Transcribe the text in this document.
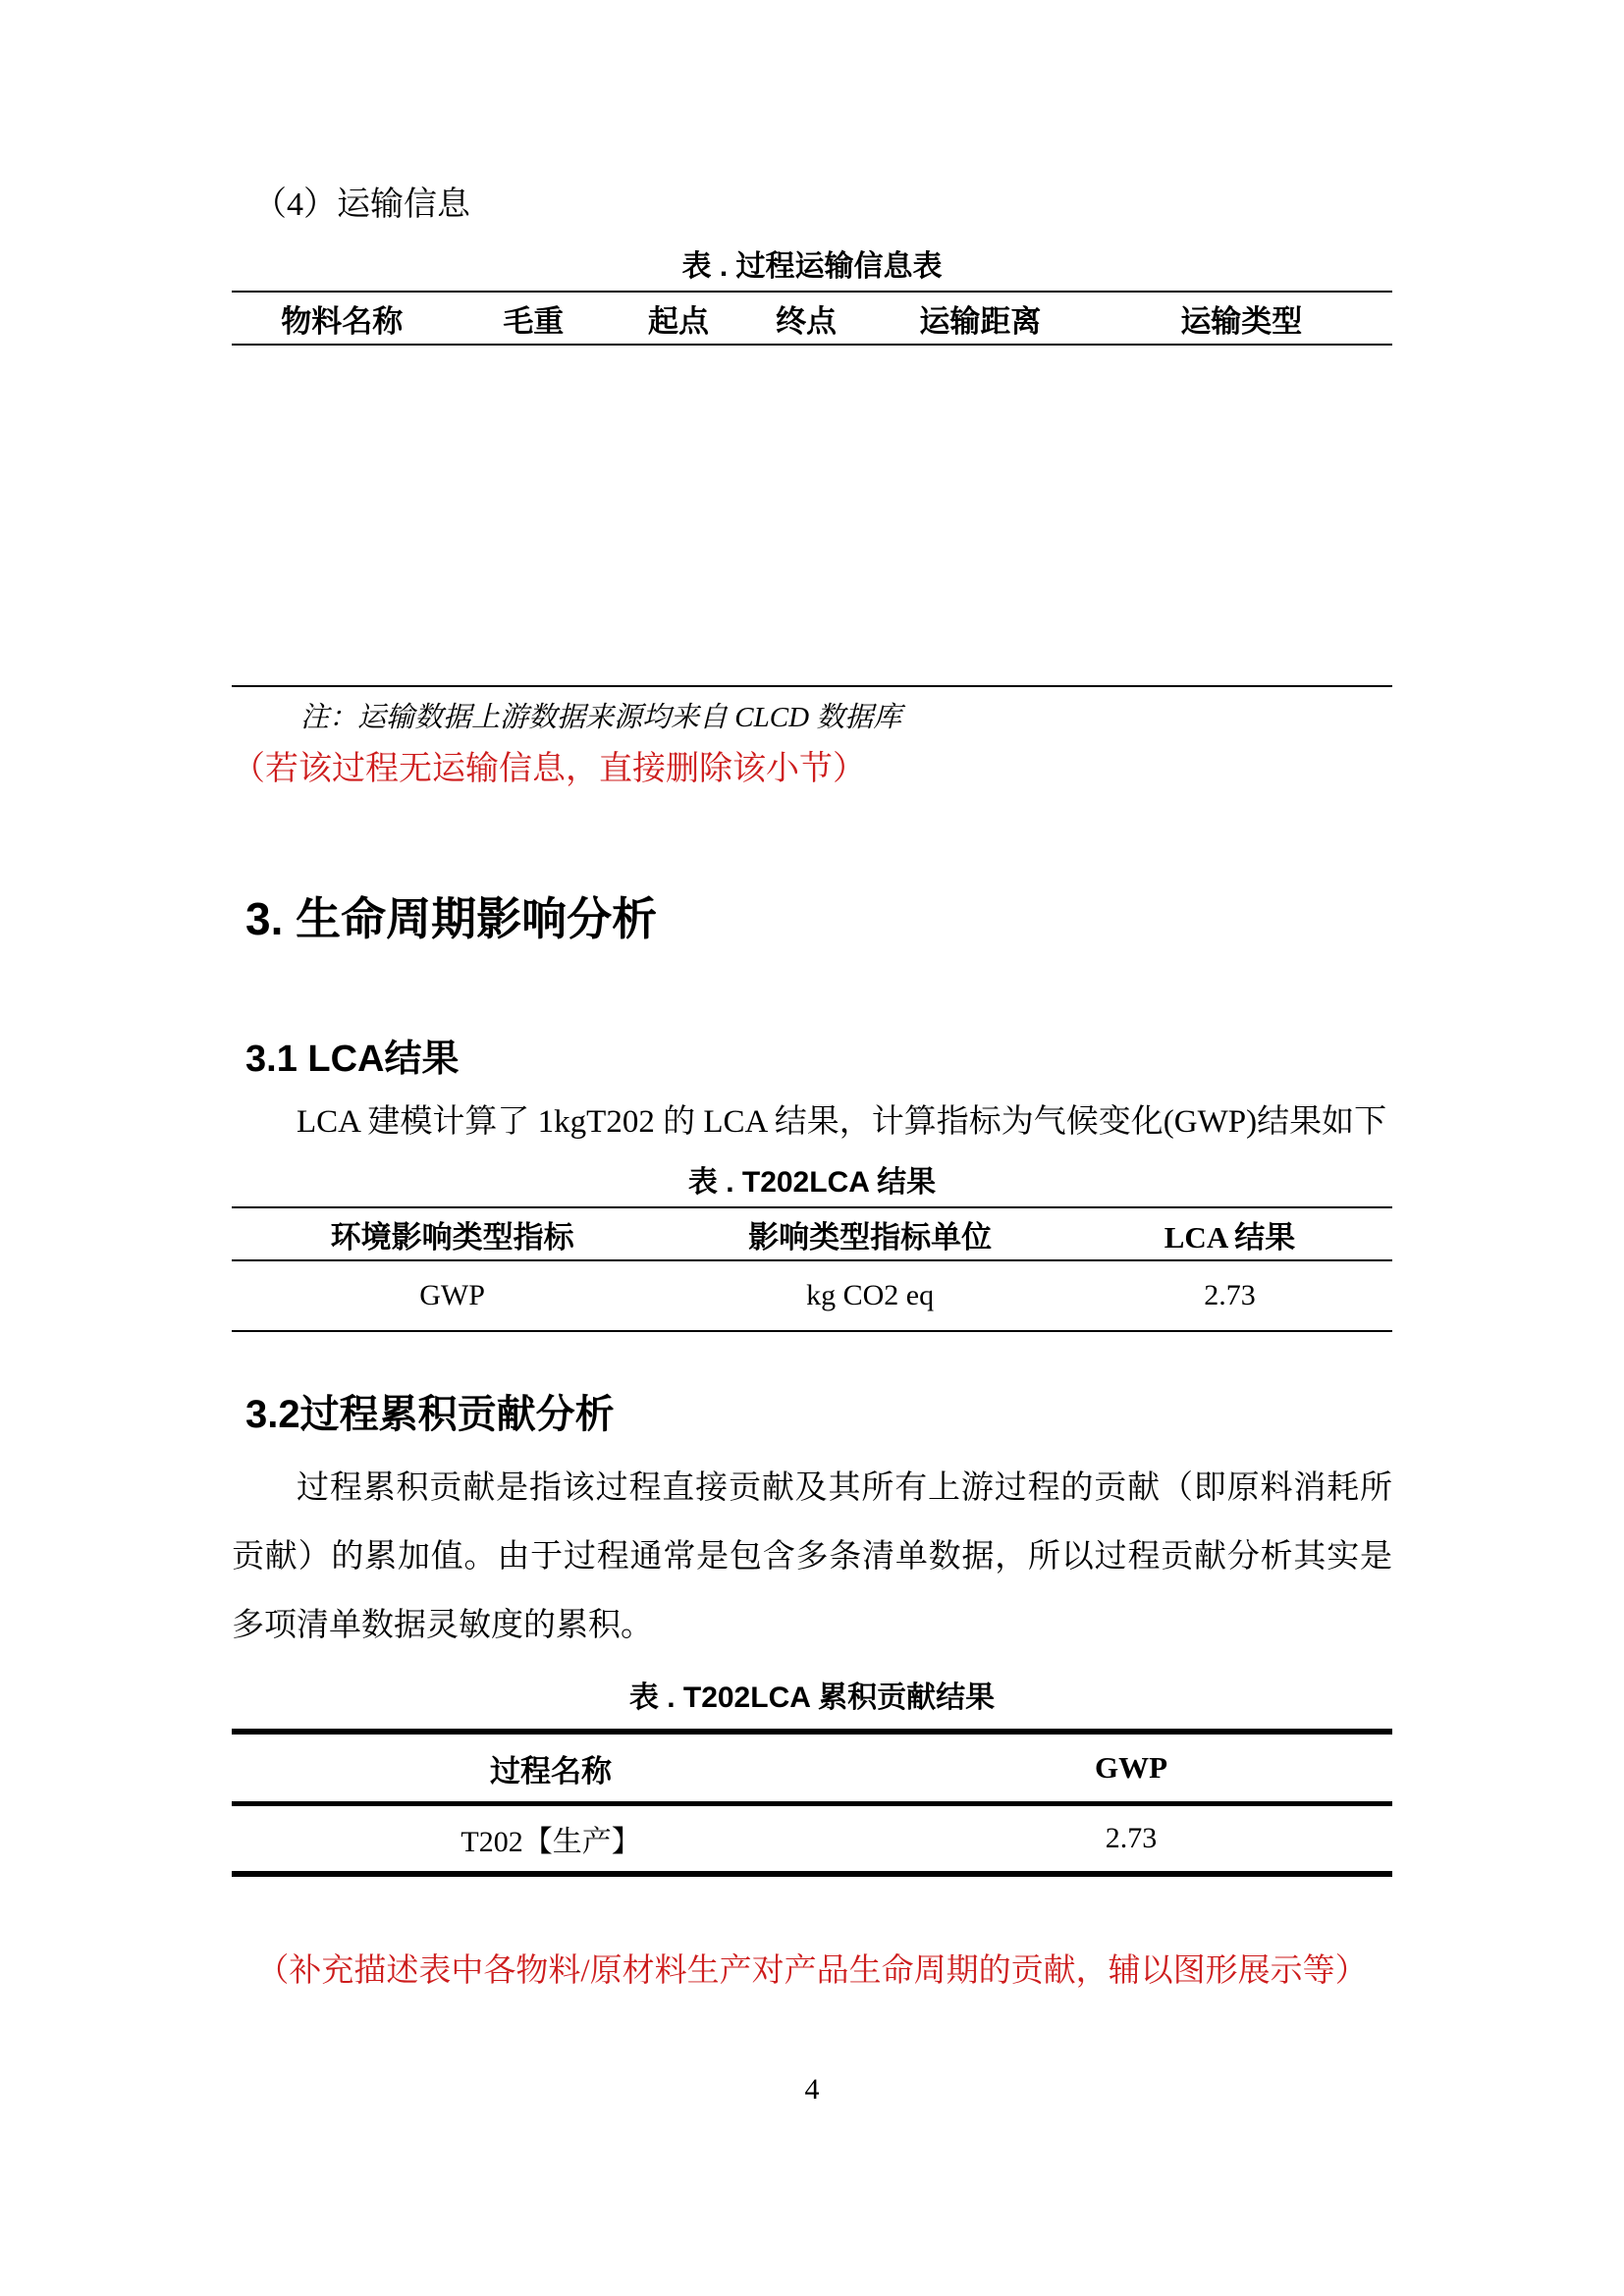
（4）运输信息

表 . 过程运输信息表
物料名称	毛重	起点	终点	运输距离	运输类型
注：运输数据上游数据来源均来自 CLCD 数据库
（若该过程无运输信息，直接删除该小节）

3. 生命周期影响分析

3.1 LCA结果

LCA 建模计算了 1kgT202 的 LCA 结果，计算指标为气候变化(GWP)结果如下

表 . T202LCA 结果
环境影响类型指标	影响类型指标单位	LCA 结果
GWP	kg CO2 eq	2.73

3.2过程累积贡献分析

过程累积贡献是指该过程直接贡献及其所有上游过程的贡献（即原料消耗所贡献）的累加值。由于过程通常是包含多条清单数据，所以过程贡献分析其实是多项清单数据灵敏度的累积。

表 . T202LCA 累积贡献结果
过程名称	GWP
T202【生产】	2.73
（补充描述表中各物料/原材料生产对产品生命周期的贡献，辅以图形展示等）
4
